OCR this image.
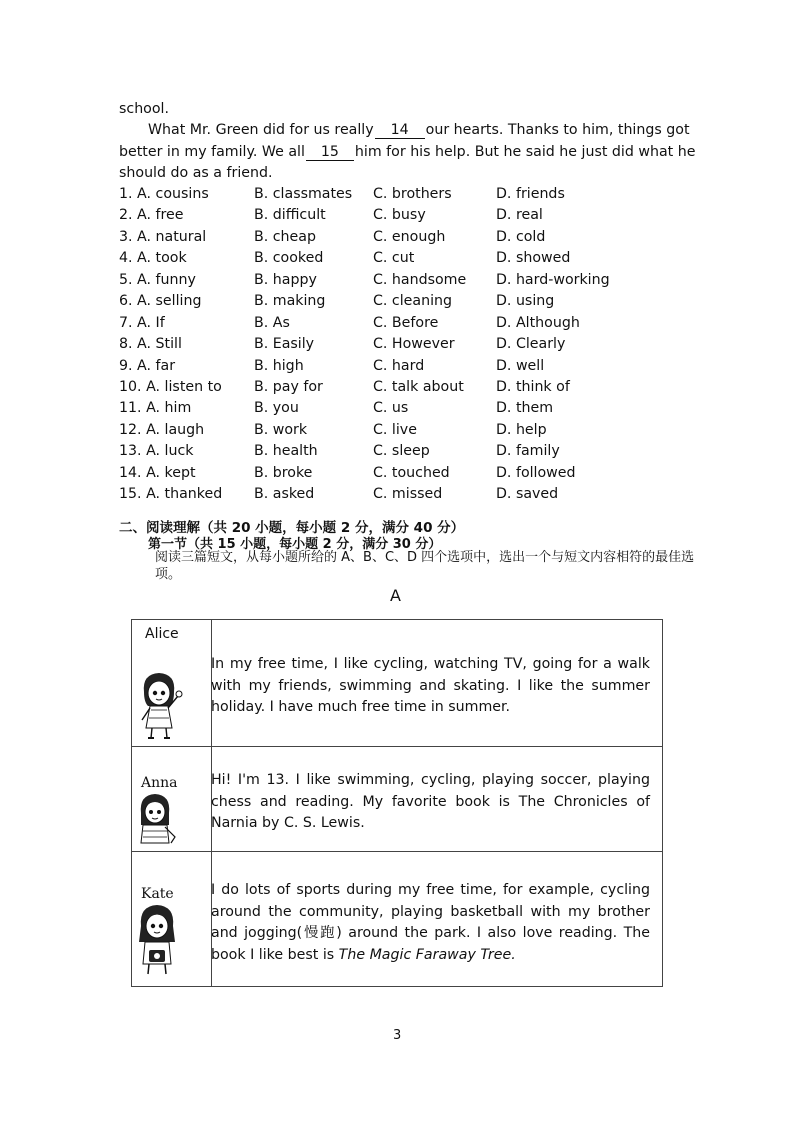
school.
What Mr. Green did for us really 14 our hearts. Thanks to him, things got
better in my family. We all 15 him for his help. But he said he just did what he
should do as a friend.
1. A. cousins	B. classmates C. brothers	D. friends
2. A. free	B. difficult	C. busy	D. real
3. A. natural	B. cheap	C. enough	D. cold
4. A. took	B. cooked	C. cut	D. showed
5. A. funny	B. happy	C. handsome D. hard-working
6. A. selling	B. making	C. cleaning	D. using
7. A. If	B. As	C. Before	D. Although
8. A. Still	B. Easily	C. However	D. Clearly
9. A. far	B. high	C. hard	D. well
10. A. listen to B. pay for	C. talk about D. think of
11. A. him	B. you	C. us	D. them
12. A. laugh	B. work	C. live	D. help
13. A. luck	B. health	C. sleep	D. family
14. A. kept	B. broke	C. touched	D. followed
15. A. thanked B. asked	C. missed	D. saved
二、阅读理解（共 20 小题，每小题 2 分，满分 40 分）
第一节（共 15 小题，每小题 2 分，满分 30 分）
阅读三篇短文，从每小题所给的 A、B、C、D 四个选项中，选出一个与短文内容相符的最佳选项。
A
Alice	In my free time, I like cycling, watching TV, going for a walk with my friends, swimming and skating. I like the summer holiday. I have much free time in summer.

Anna	Hi! I'm 13. I like swimming, cycling, playing soccer, playing chess and reading. My favorite book is The Chronicles of Narnia by C. S. Lewis.

Kate	I do lots of sports during my free time, for example, cycling around the community, playing basketball with my brother and jogging(慢跑) around the park. I also love reading. The book I like best is The Magic Faraway Tree.
3
